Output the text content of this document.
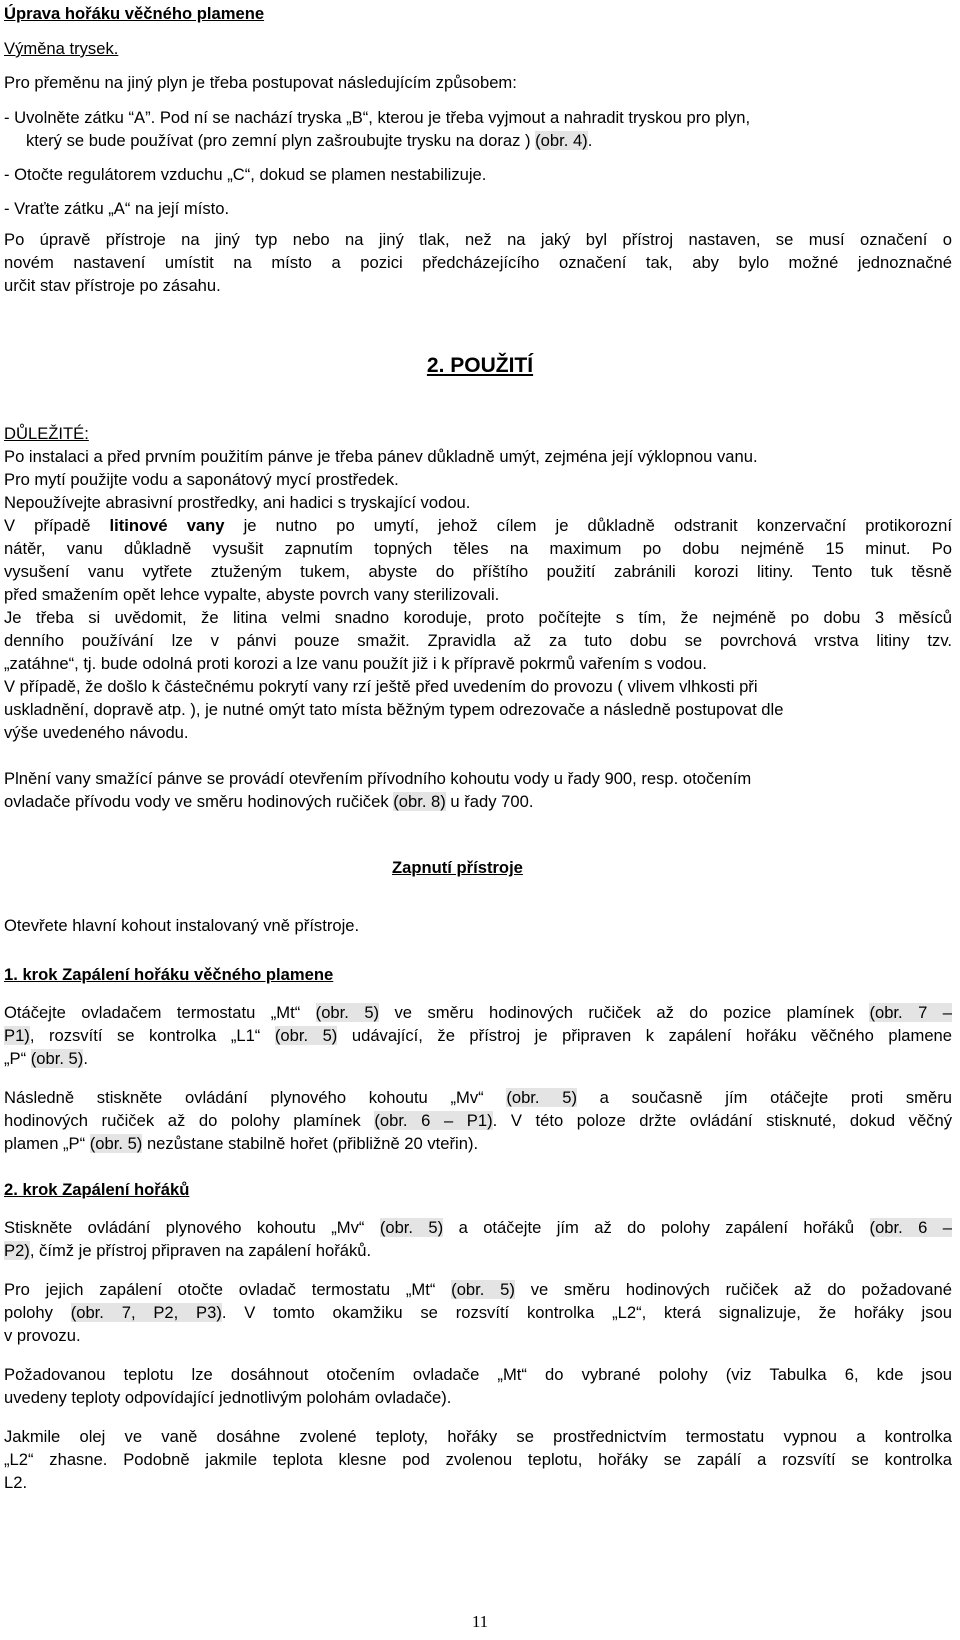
Úprava hořáku věčného plamene

Výměna trysek.

Pro přeměnu na jiný plyn je třeba postupovat následujícím způsobem:

- Uvolněte zátku “A”. Pod ní se nachází tryska „B“, kterou je třeba vyjmout a nahradit tryskou pro plyn,

který se bude používat (pro zemní plyn zašroubujte trysku na doraz ) (obr. 4).

- Otočte regulátorem vzduchu „C“, dokud se plamen nestabilizuje.

- Vraťte zátku „A“ na její místo.

Po úpravě přístroje na jiný typ nebo na jiný tlak, než na jaký byl přístroj nastaven, se musí označení o

novém nastavení umístit na místo a pozici předcházejícího označení tak, aby bylo možné jednoznačné

určit stav přístroje po zásahu.

2. POUŽITÍ

DŮLEŽITÉ:

Po instalaci a před prvním použitím pánve je třeba pánev důkladně umýt, zejména její výklopnou vanu.

Pro mytí použijte vodu a saponátový mycí prostředek.

Nepoužívejte abrasivní prostředky, ani hadici s tryskající vodou.

V případě litinové vany je nutno po umytí, jehož cílem je důkladně odstranit konzervační protikorozní

nátěr, vanu důkladně vysušit zapnutím topných těles na maximum po dobu nejméně 15 minut. Po

vysušení vanu vytřete ztuženým tukem, abyste do příštího použití zabránili korozi litiny. Tento tuk těsně

před smažením opět lehce vypalte, abyste povrch vany sterilizovali.

Je třeba si uvědomit, že litina velmi snadno koroduje, proto počítejte s tím, že nejméně po dobu 3 měsíců

denního používání lze v pánvi pouze smažit. Zpravidla až za tuto dobu se povrchová vrstva litiny tzv.

„zatáhne“, tj. bude odolná proti korozi a lze vanu použít již i k přípravě pokrmů vařením s vodou.

V případě, že došlo k částečnému pokrytí vany rzí ještě před uvedením do provozu ( vlivem vlhkosti při

uskladnění, dopravě atp. ), je nutné omýt tato místa běžným typem odrezovače a následně postupovat dle

výše uvedeného návodu.

Plnění vany smažící pánve se provádí otevřením přívodního kohoutu vody u řady 900, resp. otočením

ovladače přívodu vody ve směru hodinových ručiček (obr. 8) u řady 700.

Zapnutí přístroje

Otevřete hlavní kohout instalovaný vně přístroje.

1. krok Zapálení hořáku věčného plamene

Otáčejte ovladačem termostatu „Mt“ (obr. 5) ve směru hodinových ručiček až do pozice plamínek (obr. 7 –

P1), rozsvítí se kontrolka „L1“ (obr. 5) udávající, že přístroj je připraven k zapálení hořáku věčného plamene

„P“ (obr. 5).

Následně stiskněte ovládání plynového kohoutu „Mv“ (obr. 5) a současně jím otáčejte proti směru

hodinových ručiček až do polohy plamínek (obr. 6 – P1). V této poloze držte ovládání stisknuté, dokud věčný

plamen „P“ (obr. 5) nezůstane stabilně hořet (přibližně 20 vteřin).

2. krok Zapálení hořáků

Stiskněte ovládání plynového kohoutu „Mv“ (obr. 5) a otáčejte jím až do polohy zapálení hořáků (obr. 6 –

P2), čímž je přístroj připraven na zapálení hořáků.

Pro jejich zapálení otočte ovladač termostatu „Mt“ (obr. 5) ve směru hodinových ručiček až do požadované

polohy (obr. 7, P2, P3). V tomto okamžiku se rozsvítí kontrolka „L2“, která signalizuje, že hořáky jsou

v provozu.

Požadovanou teplotu lze dosáhnout otočením ovladače „Mt“ do vybrané polohy (viz Tabulka 6, kde jsou

uvedeny teploty odpovídající jednotlivým polohám ovladače).

Jakmile olej ve vaně dosáhne zvolené teploty, hořáky se prostřednictvím termostatu vypnou a kontrolka

„L2“ zhasne. Podobně jakmile teplota klesne pod zvolenou teplotu, hořáky se zapálí a rozsvítí se kontrolka

L2.

11
